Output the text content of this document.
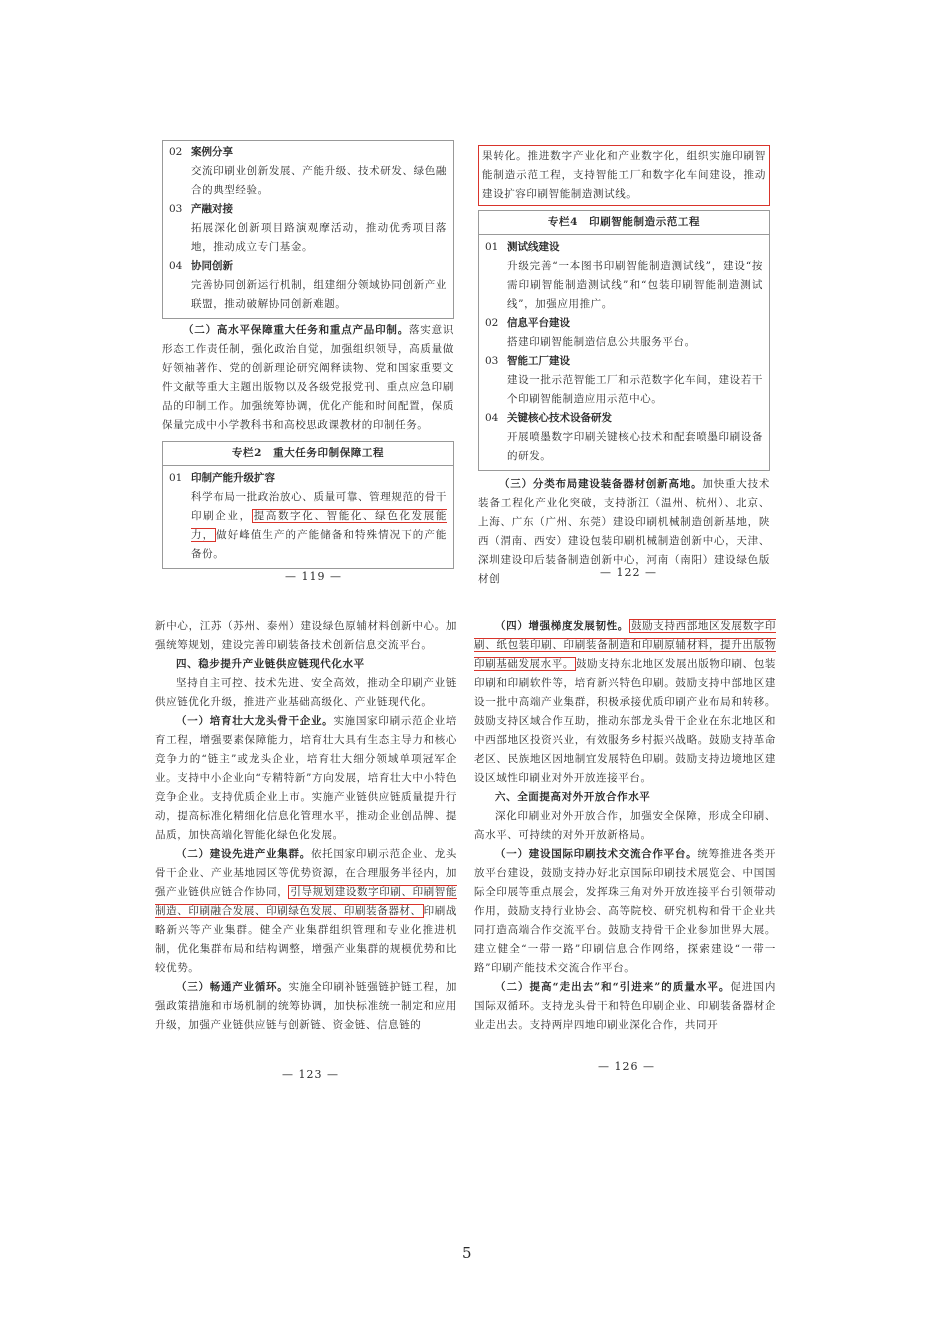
02 案例分享
交流印刷业创新发展、产能升级、技术研发、绿色融合的典型经验。
03 产融对接
拓展深化创新项目路演观摩活动，推动优秀项目落地，推动成立专门基金。
04 协同创新
完善协同创新运行机制，组建细分领域协同创新产业联盟，推动破解协同创新难题。

（二）高水平保障重大任务和重点产品印制。落实意识形态工作责任制，强化政治自觉，加强组织领导，高质量做好领袖著作、党的创新理论研究阐释读物、党和国家重要文件文献等重大主题出版物以及各级党报党刊、重点应急印刷品的印制工作。加强统筹协调，优化产能和时间配置，保质保量完成中小学教科书和高校思政课教材的印制任务。

专栏2　重大任务印制保障工程
01 印制产能升级扩容
科学布局一批政治放心、质量可靠、管理规范的骨干印刷企业， 提高数字化、智能化、绿色化发展能力， 做好峰值生产的产能储备和特殊情况下的产能备份。
— 119 —
果转化。推进数字产业化和产业数字化，组织实施印刷智能制造示范工程，支持智能工厂和数字化车间建设，推动建设扩容印刷智能制造测试线。
专栏4　印刷智能制造示范工程
01 测试线建设
升级完善“一本图书印刷智能制造测试线”，建设“按需印刷智能制造测试线”和“包装印刷智能制造测试线”，加强应用推广。
02 信息平台建设
搭建印刷智能制造信息公共服务平台。
03 智能工厂建设
建设一批示范智能工厂和示范数字化车间，建设若干个印刷智能制造应用示范中心。
04 关键核心技术设备研发
开展喷墨数字印刷关键核心技术和配套喷墨印刷设备的研发。

（三）分类布局建设装备器材创新高地。加快重大技术装备工程化产业化突破，支持浙江（温州、杭州）、北京、上海、广东（广州、东莞）建设印刷机械制造创新基地，陕西（渭南、西安）建设包装印刷机械制造创新中心，天津、深圳建设印后装备制造创新中心，河南（南阳）建设绿色版材创	— 122 —

新中心，江苏（苏州、泰州）建设绿色原辅材料创新中心。加强统筹规划，建设完善印刷装备技术创新信息交流平台。

四、稳步提升产业链供应链现代化水平

坚持自主可控、技术先进、安全高效，推动全印刷产业链供应链优化升级，推进产业基础高级化、产业链现代化。

（一）培育壮大龙头骨干企业。实施国家印刷示范企业培育工程，增强要素保障能力，培育壮大具有生态主导力和核心竞争力的“链主”或龙头企业，培育壮大细分领域单项冠军企业。支持中小企业向“专精特新”方向发展，培育壮大中小特色竞争企业。支持优质企业上市。实施产业链供应链质量提升行动，提高标准化精细化信息化管理水平，推动企业创品牌、提品质，加快高端化智能化绿色化发展。

（二）建设先进产业集群。依托国家印刷示范企业、龙头骨干企业、产业基地园区等优势资源，在合理服务半径内，加强产业链供应链合作协同， 引导规划建设数字印刷、印刷智能制造、印刷融合发展、印刷绿色发展、印刷装备器材、 印刷战略新兴等产业集群。健全产业集群组织管理和专业化推进机制，优化集群布局和结构调整，增强产业集群的规模优势和比较优势。

（三）畅通产业循环。实施全印刷补链强链护链工程，加强政策措施和市场机制的统筹协调，加快标准统一制定和应用升级，加强产业链供应链与创新链、资金链、信息链的

— 123 —

（四）增强梯度发展韧性。 鼓励支持西部地区发展数字印刷、纸包装印刷、印刷装备制造和印刷原辅材料，提升出版物印刷基础发展水平。 鼓励支持东北地区发展出版物印刷、包装印刷和印刷软件等，培育新兴特色印刷。鼓励支持中部地区建设一批中高端产业集群，积极承接优质印刷产业布局和转移。鼓励支持区域合作互助，推动东部龙头骨干企业在东北地区和中西部地区投资兴业，有效服务乡村振兴战略。鼓励支持革命老区、民族地区因地制宜发展特色印刷。鼓励支持边境地区建设区域性印刷业对外开放连接平台。

六、全面提高对外开放合作水平

深化印刷业对外开放合作，加强安全保障，形成全印刷、高水平、可持续的对外开放新格局。

（一）建设国际印刷技术交流合作平台。统筹推进各类开放平台建设，鼓励支持办好北京国际印刷技术展览会、中国国际全印展等重点展会，发挥珠三角对外开放连接平台引领带动作用，鼓励支持行业协会、高等院校、研究机构和骨干企业共同打造高端合作交流平台。鼓励支持骨干企业参加世界大展。建立健全“一带一路”印刷信息合作网络，探索建设“一带一路”印刷产能技术交流合作平台。

（二）提高“走出去”和“引进来”的质量水平。促进国内国际双循环。支持龙头骨干和特色印刷企业、印刷装备器材企业走出去。支持两岸四地印刷业深化合作，共同开

— 126 —
5
